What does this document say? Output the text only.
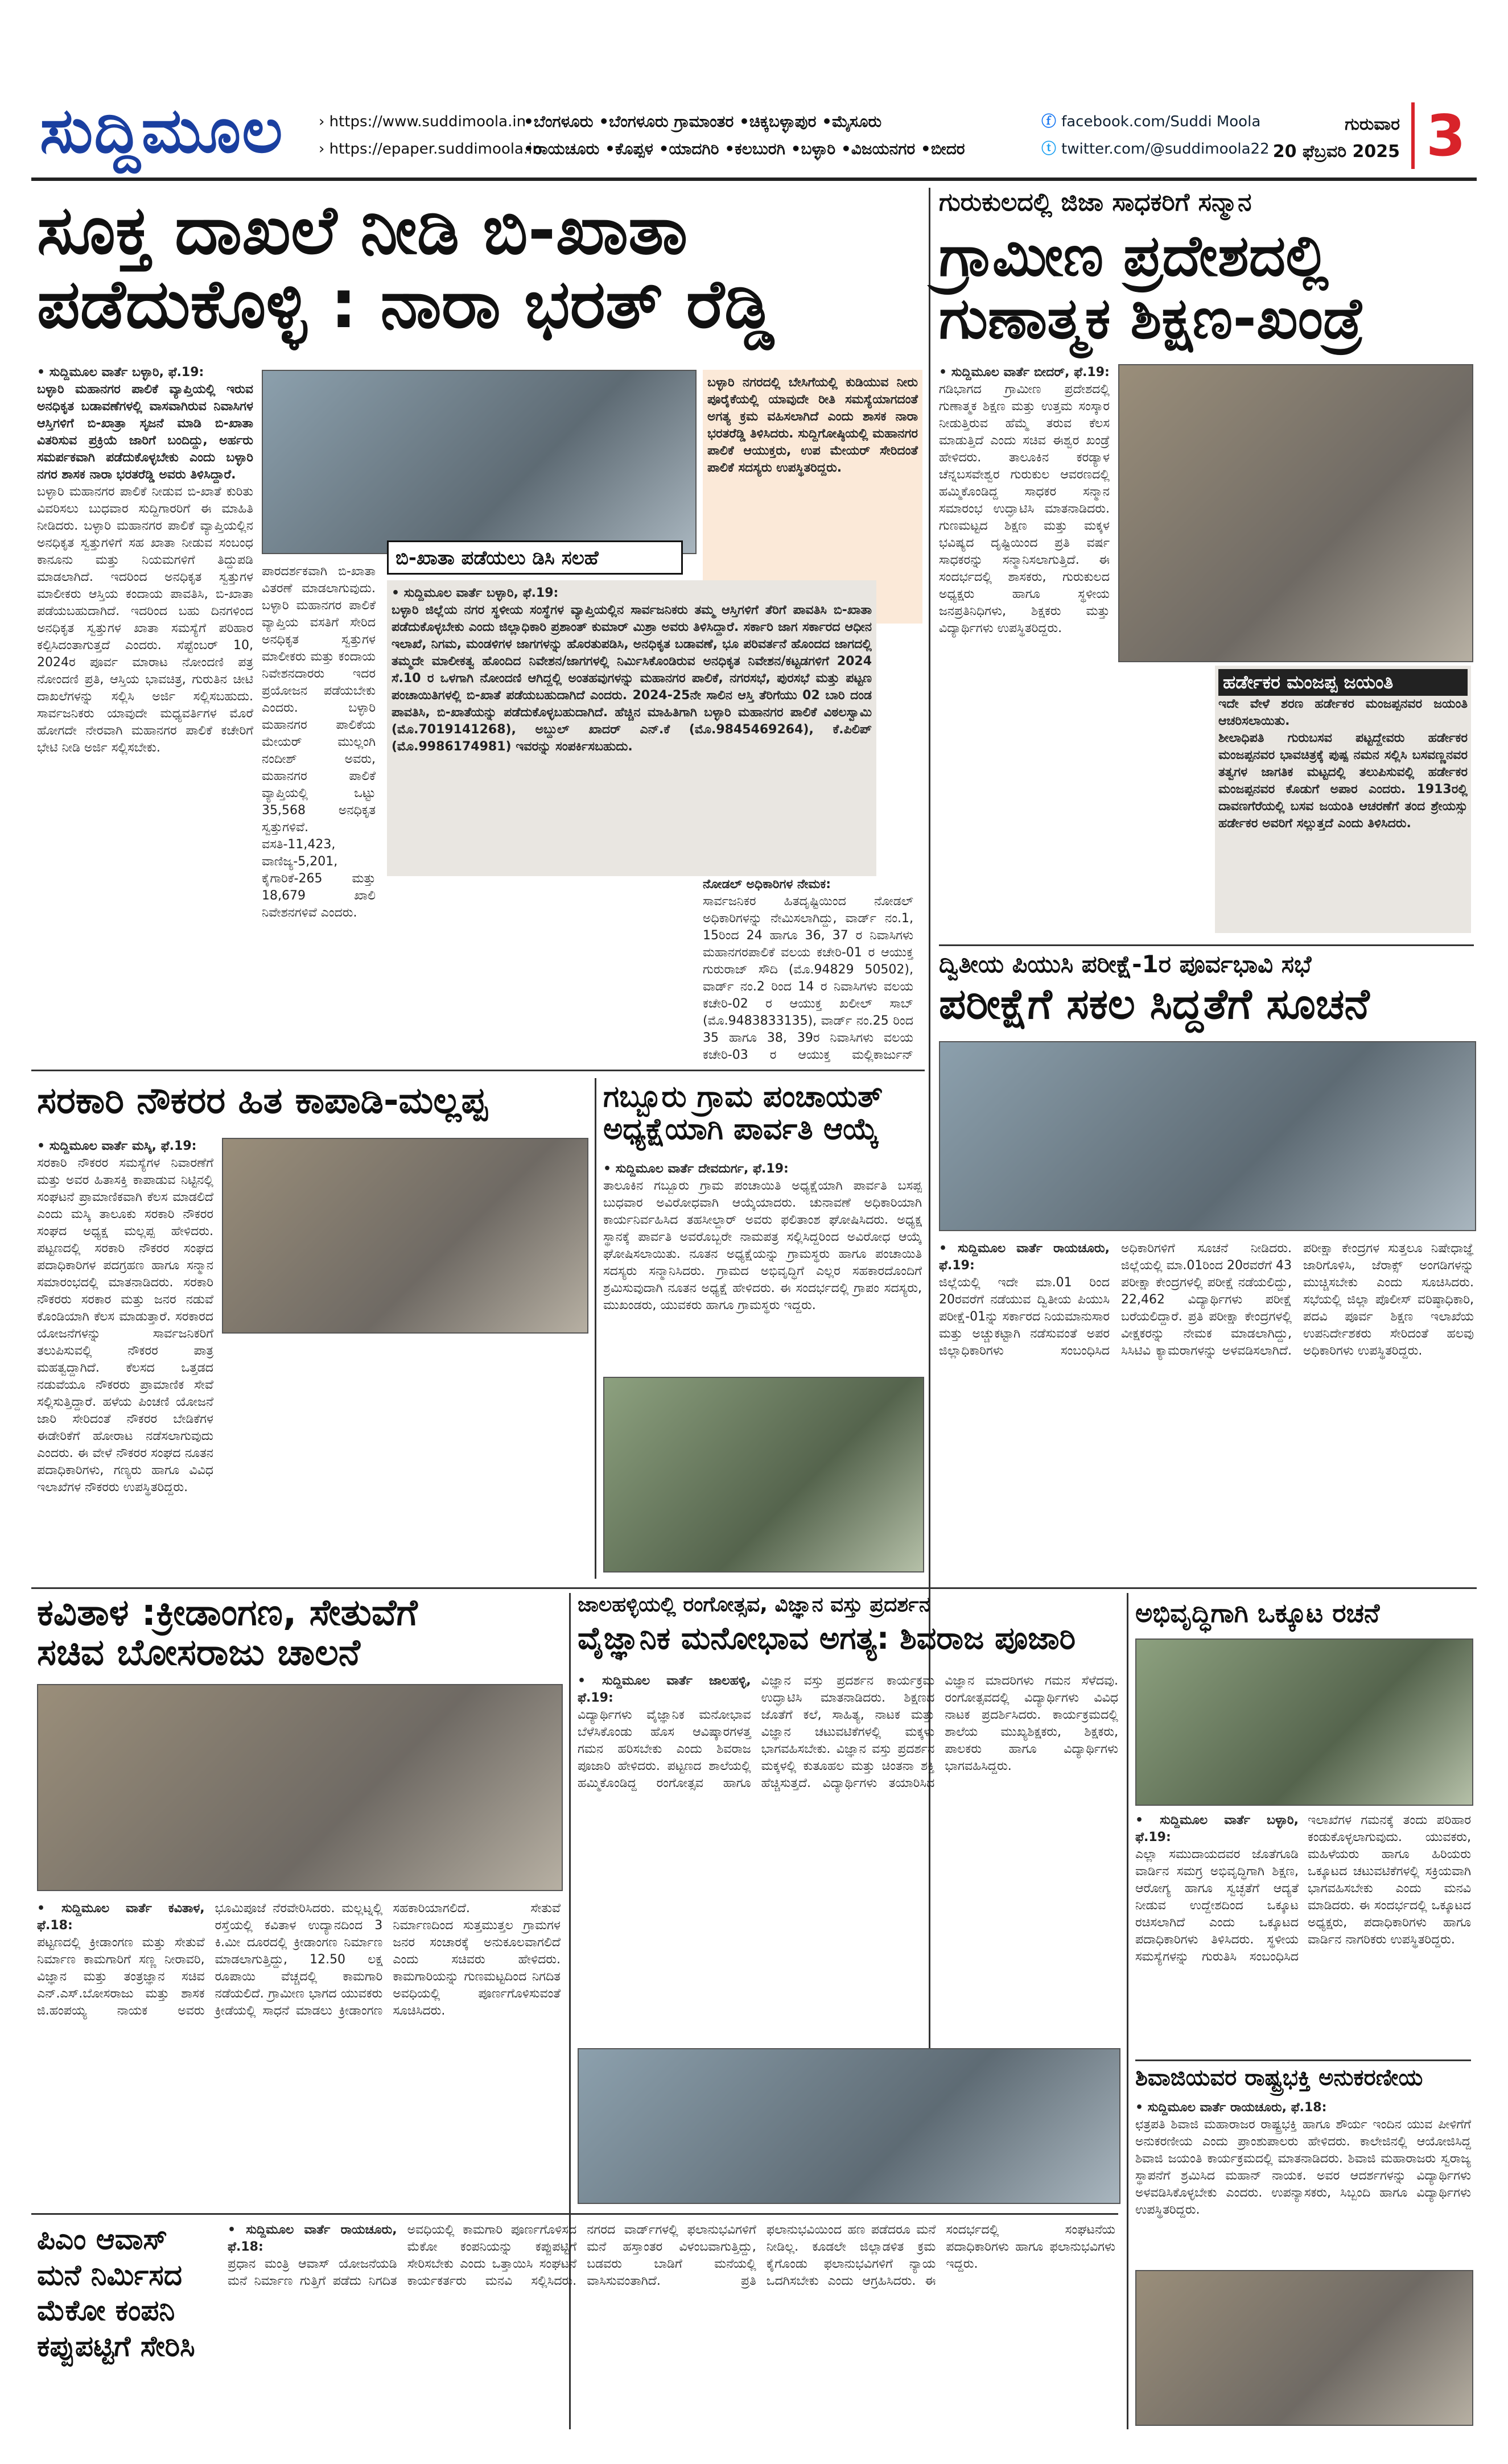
ಸುದ್ದಿಮೂಲ › https://www.suddimoola.in
› https://epaper.suddimoola.in
•ಬೆಂಗಳೂರು •ಬೆಂಗಳೂರು ಗ್ರಾಮಾಂತರ •ಚಿಕ್ಕಬಳ್ಳಾಪುರ •ಮೈಸೂರು
•ರಾಯಚೂರು •ಕೊಪ್ಪಳ •ಯಾದಗಿರಿ •ಕಲಬುರಗಿ •ಬಳ್ಳಾರಿ •ವಿಜಯನಗರ •ಬೀದರ
ⓕ facebook.com/Suddi Moola
ⓣ twitter.com/@suddimoola22
ಗುರುವಾರ
20 ಫೆಬ್ರವರಿ 2025 3
ಸೂಕ್ತ ದಾಖಲೆ ನೀಡಿ ಬಿ-ಖಾತಾ
ಪಡೆದುಕೊಳ್ಳಿ : ನಾರಾ ಭರತ್ ರೆಡ್ಡಿ
• ಸುದ್ದಿಮೂಲ ವಾರ್ತೆ ಬಳ್ಳಾರಿ, ಫೆ.19:
ಬಳ್ಳಾರಿ ಮಹಾನಗರ ಪಾಲಿಕೆ ವ್ಯಾಪ್ತಿಯಲ್ಲಿ ಇರುವ ಅನಧಿಕೃತ ಬಡಾವಣೆಗಳಲ್ಲಿ ವಾಸವಾಗಿರುವ ನಿವಾಸಿಗಳ ಆಸ್ತಿಗಳಿಗೆ ಬಿ-ಖಾತ್ರಾ ಸೃಜನೆ ಮಾಡಿ ಬಿ-ಖಾತಾ ವಿತರಿಸುವ ಪ್ರಕ್ರಿಯೆ ಜಾರಿಗೆ ಬಂದಿದ್ದು, ಅರ್ಹರು ಸಮರ್ಪಕವಾಗಿ ಪಡೆದುಕೊಳ್ಳಬೇಕು ಎಂದು ಬಳ್ಳಾರಿ ನಗರ ಶಾಸಕ ನಾರಾ ಭರತರೆಡ್ಡಿ ಅವರು ತಿಳಿಸಿದ್ದಾರೆ.
ಬಳ್ಳಾರಿ ಮಹಾನಗರ ಪಾಲಿಕೆ ನೀಡುವ ಬಿ-ಖಾತೆ ಕುರಿತು ವಿವರಿಸಲು ಬುಧವಾರ ಸುದ್ದಿಗಾರರಿಗೆ ಈ ಮಾಹಿತಿ ನೀಡಿದರು. ಬಳ್ಳಾರಿ ಮಹಾನಗರ ಪಾಲಿಕೆ ವ್ಯಾಪ್ತಿಯಲ್ಲಿನ ಅನಧಿಕೃತ ಸ್ವತ್ತುಗಳಿಗೆ ಸಹ ಖಾತಾ ನೀಡುವ ಸಂಬಂಧ ಕಾನೂನು ಮತ್ತು ನಿಯಮಗಳಿಗೆ ತಿದ್ದುಪಡಿ ಮಾಡಲಾಗಿದೆ. ಇದರಿಂದ ಅನಧಿಕೃತ ಸ್ವತ್ತುಗಳ ಮಾಲೀಕರು ಆಸ್ತಿಯ ಕಂದಾಯ ಪಾವತಿಸಿ, ಬಿ-ಖಾತಾ ಪಡೆಯಬಹುದಾಗಿದೆ. ಇದರಿಂದ ಬಹು ದಿನಗಳಿಂದ ಅನಧಿಕೃತ ಸ್ವತ್ತುಗಳ ಖಾತಾ ಸಮಸ್ಯೆಗೆ ಪರಿಹಾರ ಕಲ್ಪಿಸಿದಂತಾಗುತ್ತದೆ ಎಂದರು. ಸೆಪ್ಟೆಂಬರ್ 10, 2024ರ ಪೂರ್ವ ಮಾರಾಟ ನೋಂದಣಿ ಪತ್ರ ನೋಂದಣಿ ಪ್ರತಿ, ಆಸ್ತಿಯ ಭಾವಚಿತ್ರ, ಗುರುತಿನ ಚೀಟಿ ದಾಖಲೆಗಳನ್ನು ಸಲ್ಲಿಸಿ ಅರ್ಜಿ ಸಲ್ಲಿಸಬಹುದು. ಸಾರ್ವಜನಿಕರು ಯಾವುದೇ ಮಧ್ಯವರ್ತಿಗಳ ಮೊರೆ ಹೋಗದೇ ನೇರವಾಗಿ ಮಹಾನಗರ ಪಾಲಿಕೆ ಕಚೇರಿಗೆ ಭೇಟಿ ನೀಡಿ ಅರ್ಜಿ ಸಲ್ಲಿಸಬೇಕು.
ಪಾರದರ್ಶಕವಾಗಿ ಬಿ-ಖಾತಾ ವಿತರಣೆ ಮಾಡಲಾಗುವುದು. ಬಳ್ಳಾರಿ ಮಹಾನಗರ ಪಾಲಿಕೆ ವ್ಯಾಪ್ತಿಯ ವಸತಿಗೆ ಸೇರಿದ ಅನಧಿಕೃತ ಸ್ವತ್ತುಗಳ ಮಾಲೀಕರು ಮತ್ತು ಕಂದಾಯ ನಿವೇಶನದಾರರು ಇದರ ಪ್ರಯೋಜನ ಪಡೆಯಬೇಕು ಎಂದರು. ಬಳ್ಳಾರಿ ಮಹಾನಗರ ಪಾಲಿಕೆಯ ಮೇಯರ್ ಮುಲ್ಲಂಗಿ ನಂದೀಶ್ ಅವರು, ಮಹಾನಗರ ಪಾಲಿಕೆ ವ್ಯಾಪ್ತಿಯಲ್ಲಿ ಒಟ್ಟು 35,568 ಅನಧಿಕೃತ ಸ್ವತ್ತುಗಳಿವೆ. ವಸತಿ-11,423, ವಾಣಿಜ್ಯ-5,201, ಕೈಗಾರಿಕೆ-265 ಮತ್ತು 18,679 ಖಾಲಿ ನಿವೇಶನಗಳಿವೆ ಎಂದರು.
ಬಳ್ಳಾರಿ ನಗರದಲ್ಲಿ ಬೇಸಿಗೆಯಲ್ಲಿ ಕುಡಿಯುವ ನೀರು ಪೂರೈಕೆಯಲ್ಲಿ ಯಾವುದೇ ರೀತಿ ಸಮಸ್ಯೆಯಾಗದಂತೆ ಅಗತ್ಯ ಕ್ರಮ ವಹಿಸಲಾಗಿದೆ ಎಂದು ಶಾಸಕ ನಾರಾ ಭರತರೆಡ್ಡಿ ತಿಳಿಸಿದರು. ಸುದ್ದಿಗೋಷ್ಠಿಯಲ್ಲಿ ಮಹಾನಗರ ಪಾಲಿಕೆ ಆಯುಕ್ತರು, ಉಪ ಮೇಯರ್ ಸೇರಿದಂತೆ ಪಾಲಿಕೆ ಸದಸ್ಯರು ಉಪಸ್ಥಿತರಿದ್ದರು.
ಬಿ-ಖಾತಾ ಪಡೆಯಲು ಡಿಸಿ ಸಲಹೆ
• ಸುದ್ದಿಮೂಲ ವಾರ್ತೆ ಬಳ್ಳಾರಿ, ಫೆ.19:
ಬಳ್ಳಾರಿ ಜಿಲ್ಲೆಯ ನಗರ ಸ್ಥಳೀಯ ಸಂಸ್ಥೆಗಳ ವ್ಯಾಪ್ತಿಯಲ್ಲಿನ ಸಾರ್ವಜನಿಕರು ತಮ್ಮ ಆಸ್ತಿಗಳಿಗೆ ತೆರಿಗೆ ಪಾವತಿಸಿ ಬಿ-ಖಾತಾ ಪಡೆದುಕೊಳ್ಳಬೇಕು ಎಂದು ಜಿಲ್ಲಾಧಿಕಾರಿ ಪ್ರಶಾಂತ್ ಕುಮಾರ್ ಮಿಶ್ರಾ ಅವರು ತಿಳಿಸಿದ್ದಾರೆ. ಸರ್ಕಾರಿ ಜಾಗ ಸರ್ಕಾರದ ಆಧೀನ ಇಲಾಖೆ, ನಿಗಮ, ಮಂಡಳಿಗಳ ಜಾಗಗಳನ್ನು ಹೊರತುಪಡಿಸಿ, ಅನಧಿಕೃತ ಬಡಾವಣೆ, ಭೂ ಪರಿವರ್ತನೆ ಹೊಂದದ ಜಾಗದಲ್ಲಿ ತಮ್ಮದೇ ಮಾಲೀಕತ್ವ ಹೊಂದಿದ ನಿವೇಶನ/ಜಾಗಗಳಲ್ಲಿ ನಿರ್ಮಿಸಿಕೊಂಡಿರುವ ಅನಧಿಕೃತ ನಿವೇಶನ/ಕಟ್ಟಡಗಳಿಗೆ 2024 ಸೆ.10 ರ ಒಳಗಾಗಿ ನೋಂದಣಿ ಆಗಿದ್ದಲ್ಲಿ ಅಂತಹವುಗಳನ್ನು ಮಹಾನಗರ ಪಾಲಿಕೆ, ನಗರಸಭೆ, ಪುರಸಭೆ ಮತ್ತು ಪಟ್ಟಣ ಪಂಚಾಯಿತಿಗಳಲ್ಲಿ ಬಿ-ಖಾತೆ ಪಡೆಯಬಹುದಾಗಿದೆ ಎಂದರು. 2024-25ನೇ ಸಾಲಿನ ಆಸ್ತಿ ತೆರಿಗೆಯು 02 ಬಾರಿ ದಂಡ ಪಾವತಿಸಿ, ಬಿ-ಖಾತೆಯನ್ನು ಪಡೆದುಕೊಳ್ಳಬಹುದಾಗಿದೆ. ಹೆಚ್ಚಿನ ಮಾಹಿತಿಗಾಗಿ ಬಳ್ಳಾರಿ ಮಹಾನಗರ ಪಾಲಿಕೆ ವಿಠಲಸ್ವಾಮಿ (ಮೊ.7019141268), ಅಬ್ದುಲ್ ಖಾದರ್ ಎನ್.ಕೆ (ಮೊ.9845469264), ಕೆ.ಪಿಲಿಪ್ (ಮೊ.9986174981) ಇವರನ್ನು ಸಂಪರ್ಕಿಸಬಹುದು.
ನೋಡಲ್ ಅಧಿಕಾರಿಗಳ ನೇಮಕ:
ಸಾರ್ವಜನಿಕರ ಹಿತದೃಷ್ಟಿಯಿಂದ ನೋಡಲ್ ಅಧಿಕಾರಿಗಳನ್ನು ನೇಮಿಸಲಾಗಿದ್ದು, ವಾರ್ಡ್ ನಂ.1, 15ರಿಂದ 24 ಹಾಗೂ 36, 37 ರ ನಿವಾಸಿಗಳು ಮಹಾನಗರಪಾಲಿಕೆ ವಲಯ ಕಚೇರಿ-01 ರ ಆಯುಕ್ತ ಗುರುರಾಜ್ ಸೌದಿ (ಮೊ.94829 50502), ವಾರ್ಡ್ ನಂ.2 ರಿಂದ 14 ರ ನಿವಾಸಿಗಳು ವಲಯ ಕಚೇರಿ-02 ರ ಆಯುಕ್ತ ಖಲೀಲ್ ಸಾಬ್ (ಮೊ.9483833135), ವಾರ್ಡ್ ನಂ.25 ರಿಂದ 35 ಹಾಗೂ 38, 39ರ ನಿವಾಸಿಗಳು ವಲಯ ಕಚೇರಿ-03 ರ ಆಯುಕ್ತ ಮಲ್ಲಿಕಾರ್ಜುನ್
ಗುರುಕುಲದಲ್ಲಿ ಜಿಜಾ ಸಾಧಕರಿಗೆ ಸನ್ಮಾನ
ಗ್ರಾಮೀಣ ಪ್ರದೇಶದಲ್ಲಿ
ಗುಣಾತ್ಮಕ ಶಿಕ್ಷಣ-ಖಂಡ್ರೆ
• ಸುದ್ದಿಮೂಲ ವಾರ್ತೆ ಬೀದರ್, ಫೆ.19:
ಗಡಿಭಾಗದ ಗ್ರಾಮೀಣ ಪ್ರದೇಶದಲ್ಲಿ ಗುಣಾತ್ಮಕ ಶಿಕ್ಷಣ ಮತ್ತು ಉತ್ತಮ ಸಂಸ್ಕಾರ ನೀಡುತ್ತಿರುವ ಹೆಮ್ಮೆ ತರುವ ಕೆಲಸ ಮಾಡುತ್ತಿದೆ ಎಂದು ಸಚಿವ ಈಶ್ವರ ಖಂಡ್ರೆ ಹೇಳಿದರು. ತಾಲೂಕಿನ ಕರಡ್ಯಾಳ ಚೆನ್ನಬಸವೇಶ್ವರ ಗುರುಕುಲ ಆವರಣದಲ್ಲಿ ಹಮ್ಮಿಕೊಂಡಿದ್ದ ಸಾಧಕರ ಸನ್ಮಾನ ಸಮಾರಂಭ ಉದ್ಘಾಟಿಸಿ ಮಾತನಾಡಿದರು. ಗುಣಮಟ್ಟದ ಶಿಕ್ಷಣ ಮತ್ತು ಮಕ್ಕಳ ಭವಿಷ್ಯದ ದೃಷ್ಟಿಯಿಂದ ಪ್ರತಿ ವರ್ಷ ಸಾಧಕರನ್ನು ಸನ್ಮಾನಿಸಲಾಗುತ್ತಿದೆ. ಈ ಸಂದರ್ಭದಲ್ಲಿ ಶಾಸಕರು, ಗುರುಕುಲದ ಅಧ್ಯಕ್ಷರು ಹಾಗೂ ಸ್ಥಳೀಯ ಜನಪ್ರತಿನಿಧಿಗಳು, ಶಿಕ್ಷಕರು ಮತ್ತು ವಿದ್ಯಾರ್ಥಿಗಳು ಉಪಸ್ಥಿತರಿದ್ದರು.
ಹರ್ಡೇಕರ ಮಂಜಪ್ಪ ಜಯಂತಿ
ಇದೇ ವೇಳೆ ಶರಣ ಹರ್ಡೇಕರ ಮಂಜಪ್ಪನವರ ಜಯಂತಿ ಆಚರಿಸಲಾಯಿತು.
ಶೀಲಾಧಿಪತಿ ಗುರುಬಸವ ಪಟ್ಟದ್ದೇವರು ಹರ್ಡೇಕರ ಮಂಜಪ್ಪನವರ ಭಾವಚಿತ್ರಕ್ಕೆ ಪುಷ್ಪ ನಮನ ಸಲ್ಲಿಸಿ ಬಸವಣ್ಣನವರ ತತ್ವಗಳ ಜಾಗತಿಕ ಮಟ್ಟದಲ್ಲಿ ತಲುಪಿಸುವಲ್ಲಿ ಹರ್ಡೇಕರ ಮಂಜಪ್ಪನವರ ಕೊಡುಗೆ ಅಪಾರ ಎಂದರು. 1913ರಲ್ಲಿ ದಾವಣಗೆರೆಯಲ್ಲಿ ಬಸವ ಜಯಂತಿ ಆಚರಣೆಗೆ ತಂದ ಶ್ರೇಯಸ್ಸು ಹರ್ಡೇಕರ ಅವರಿಗೆ ಸಲ್ಲುತ್ತದೆ ಎಂದು ತಿಳಿಸಿದರು.
ದ್ವಿತೀಯ ಪಿಯುಸಿ ಪರೀಕ್ಷೆ-1ರ ಪೂರ್ವಭಾವಿ ಸಭೆ
ಪರೀಕ್ಷೆಗೆ ಸಕಲ ಸಿದ್ದತೆಗೆ ಸೂಚನೆ
• ಸುದ್ದಿಮೂಲ ವಾರ್ತೆ ರಾಯಚೂರು, ಫೆ.19:
ಜಿಲ್ಲೆಯಲ್ಲಿ ಇದೇ ಮಾ.01 ರಿಂದ 20ರವರೆಗೆ ನಡೆಯುವ ದ್ವಿತೀಯ ಪಿಯುಸಿ ಪರೀಕ್ಷೆ-01ನ್ನು ಸರ್ಕಾರದ ನಿಯಮಾನುಸಾರ ಮತ್ತು ಅಚ್ಚುಕಟ್ಟಾಗಿ ನಡೆಸುವಂತೆ ಅಪರ ಜಿಲ್ಲಾಧಿಕಾರಿಗಳು ಸಂಬಂಧಿಸಿದ ಅಧಿಕಾರಿಗಳಿಗೆ ಸೂಚನೆ ನೀಡಿದರು. ಜಿಲ್ಲೆಯಲ್ಲಿ ಮಾ.01ರಿಂದ 20ರವರೆಗೆ 43 ಪರೀಕ್ಷಾ ಕೇಂದ್ರಗಳಲ್ಲಿ ಪರೀಕ್ಷೆ ನಡೆಯಲಿದ್ದು, 22,462 ವಿದ್ಯಾರ್ಥಿಗಳು ಪರೀಕ್ಷೆ ಬರೆಯಲಿದ್ದಾರೆ. ಪ್ರತಿ ಪರೀಕ್ಷಾ ಕೇಂದ್ರಗಳಲ್ಲಿ ವೀಕ್ಷಕರನ್ನು ನೇಮಕ ಮಾಡಲಾಗಿದ್ದು, ಸಿಸಿಟಿವಿ ಕ್ಯಾಮರಾಗಳನ್ನು ಅಳವಡಿಸಲಾಗಿದೆ. ಪರೀಕ್ಷಾ ಕೇಂದ್ರಗಳ ಸುತ್ತಲೂ ನಿಷೇಧಾಜ್ಞೆ ಜಾರಿಗೊಳಿಸಿ, ಜೆರಾಕ್ಸ್ ಅಂಗಡಿಗಳನ್ನು ಮುಚ್ಚಿಸಬೇಕು ಎಂದು ಸೂಚಿಸಿದರು. ಸಭೆಯಲ್ಲಿ ಜಿಲ್ಲಾ ಪೊಲೀಸ್ ವರಿಷ್ಠಾಧಿಕಾರಿ, ಪದವಿ ಪೂರ್ವ ಶಿಕ್ಷಣ ಇಲಾಖೆಯ ಉಪನಿರ್ದೇಶಕರು ಸೇರಿದಂತೆ ಹಲವು ಅಧಿಕಾರಿಗಳು ಉಪಸ್ಥಿತರಿದ್ದರು.
ಸರಕಾರಿ ನೌಕರರ ಹಿತ ಕಾಪಾಡಿ-ಮಲ್ಲಪ್ಪ
• ಸುದ್ದಿಮೂಲ ವಾರ್ತೆ ಮಸ್ಕಿ, ಫೆ.19:
ಸರಕಾರಿ ನೌಕರರ ಸಮಸ್ಯೆಗಳ ನಿವಾರಣೆಗೆ ಮತ್ತು ಅವರ ಹಿತಾಸಕ್ತಿ ಕಾಪಾಡುವ ನಿಟ್ಟಿನಲ್ಲಿ ಸಂಘಟನೆ ಪ್ರಾಮಾಣಿಕವಾಗಿ ಕೆಲಸ ಮಾಡಲಿದೆ ಎಂದು ಮಸ್ಕಿ ತಾಲೂಕು ಸರಕಾರಿ ನೌಕರರ ಸಂಘದ ಅಧ್ಯಕ್ಷ ಮಲ್ಲಪ್ಪ ಹೇಳಿದರು. ಪಟ್ಟಣದಲ್ಲಿ ಸರಕಾರಿ ನೌಕರರ ಸಂಘದ ಪದಾಧಿಕಾರಿಗಳ ಪದಗ್ರಹಣ ಹಾಗೂ ಸನ್ಮಾನ ಸಮಾರಂಭದಲ್ಲಿ ಮಾತನಾಡಿದರು. ಸರಕಾರಿ ನೌಕರರು ಸರಕಾರ ಮತ್ತು ಜನರ ನಡುವೆ ಕೊಂಡಿಯಾಗಿ ಕೆಲಸ ಮಾಡುತ್ತಾರೆ. ಸರಕಾರದ ಯೋಜನೆಗಳನ್ನು ಸಾರ್ವಜನಿಕರಿಗೆ ತಲುಪಿಸುವಲ್ಲಿ ನೌಕರರ ಪಾತ್ರ ಮಹತ್ವದ್ದಾಗಿದೆ. ಕೆಲಸದ ಒತ್ತಡದ ನಡುವೆಯೂ ನೌಕರರು ಪ್ರಾಮಾಣಿಕ ಸೇವೆ ಸಲ್ಲಿಸುತ್ತಿದ್ದಾರೆ. ಹಳೆಯ ಪಿಂಚಣಿ ಯೋಜನೆ ಜಾರಿ ಸೇರಿದಂತೆ ನೌಕರರ ಬೇಡಿಕೆಗಳ ಈಡೇರಿಕೆಗೆ ಹೋರಾಟ ನಡೆಸಲಾಗುವುದು ಎಂದರು. ಈ ವೇಳೆ ನೌಕರರ ಸಂಘದ ನೂತನ ಪದಾಧಿಕಾರಿಗಳು, ಗಣ್ಯರು ಹಾಗೂ ವಿವಿಧ ಇಲಾಖೆಗಳ ನೌಕರರು ಉಪಸ್ಥಿತರಿದ್ದರು.
ಗಬ್ಬೂರು ಗ್ರಾಮ ಪಂಚಾಯತ್
ಅಧ್ಯಕ್ಷೆಯಾಗಿ ಪಾರ್ವತಿ ಆಯ್ಕೆ
• ಸುದ್ದಿಮೂಲ ವಾರ್ತೆ ದೇವದುರ್ಗ, ಫೆ.19:
ತಾಲೂಕಿನ ಗಬ್ಬೂರು ಗ್ರಾಮ ಪಂಚಾಯಿತಿ ಅಧ್ಯಕ್ಷೆಯಾಗಿ ಪಾರ್ವತಿ ಬಸಪ್ಪ ಬುಧವಾರ ಅವಿರೋಧವಾಗಿ ಆಯ್ಕೆಯಾದರು. ಚುನಾವಣೆ ಅಧಿಕಾರಿಯಾಗಿ ಕಾರ್ಯನಿರ್ವಹಿಸಿದ ತಹಸೀಲ್ದಾರ್ ಅವರು ಫಲಿತಾಂಶ ಘೋಷಿಸಿದರು. ಅಧ್ಯಕ್ಷ ಸ್ಥಾನಕ್ಕೆ ಪಾರ್ವತಿ ಅವರೊಬ್ಬರೇ ನಾಮಪತ್ರ ಸಲ್ಲಿಸಿದ್ದರಿಂದ ಅವಿರೋಧ ಆಯ್ಕೆ ಘೋಷಿಸಲಾಯಿತು. ನೂತನ ಅಧ್ಯಕ್ಷೆಯನ್ನು ಗ್ರಾಮಸ್ಥರು ಹಾಗೂ ಪಂಚಾಯಿತಿ ಸದಸ್ಯರು ಸನ್ಮಾನಿಸಿದರು. ಗ್ರಾಮದ ಅಭಿವೃದ್ಧಿಗೆ ಎಲ್ಲರ ಸಹಕಾರದೊಂದಿಗೆ ಶ್ರಮಿಸುವುದಾಗಿ ನೂತನ ಅಧ್ಯಕ್ಷೆ ಹೇಳಿದರು. ಈ ಸಂದರ್ಭದಲ್ಲಿ ಗ್ರಾಪಂ ಸದಸ್ಯರು, ಮುಖಂಡರು, ಯುವಕರು ಹಾಗೂ ಗ್ರಾಮಸ್ಥರು ಇದ್ದರು.
ಕವಿತಾಳ :ಕ್ರೀಡಾಂಗಣ, ಸೇತುವೆಗೆ
ಸಚಿವ ಬೋಸರಾಜು ಚಾಲನೆ
• ಸುದ್ದಿಮೂಲ ವಾರ್ತೆ ಕವಿತಾಳ, ಫೆ.18:
ಪಟ್ಟಣದಲ್ಲಿ ಕ್ರೀಡಾಂಗಣ ಮತ್ತು ಸೇತುವೆ ನಿರ್ಮಾಣ ಕಾಮಗಾರಿಗೆ ಸಣ್ಣ ನೀರಾವರಿ, ವಿಜ್ಞಾನ ಮತ್ತು ತಂತ್ರಜ್ಞಾನ ಸಚಿವ ಎನ್.ಎಸ್.ಬೋಸರಾಜು ಮತ್ತು ಶಾಸಕ ಜಿ.ಹಂಪಯ್ಯ ನಾಯಕ ಅವರು ಭೂಮಿಪೂಜೆ ನೆರವೇರಿಸಿದರು. ಮಲ್ಲಟ್ನಲ್ಲಿ ರಸ್ತೆಯಲ್ಲಿ ಕವಿತಾಳ ಉದ್ಯಾನದಿಂದ 3 ಕಿ.ಮೀ ದೂರದಲ್ಲಿ ಕ್ರೀಡಾಂಗಣ ನಿರ್ಮಾಣ ಮಾಡಲಾಗುತ್ತಿದ್ದು, 12.50 ಲಕ್ಷ ರೂಪಾಯಿ ವೆಚ್ಚದಲ್ಲಿ ಕಾಮಗಾರಿ ನಡೆಯಲಿದೆ. ಗ್ರಾಮೀಣ ಭಾಗದ ಯುವಕರು ಕ್ರೀಡೆಯಲ್ಲಿ ಸಾಧನೆ ಮಾಡಲು ಕ್ರೀಡಾಂಗಣ ಸಹಕಾರಿಯಾಗಲಿದೆ. ಸೇತುವೆ ನಿರ್ಮಾಣದಿಂದ ಸುತ್ತಮುತ್ತಲ ಗ್ರಾಮಗಳ ಜನರ ಸಂಚಾರಕ್ಕೆ ಅನುಕೂಲವಾಗಲಿದೆ ಎಂದು ಸಚಿವರು ಹೇಳಿದರು. ಕಾಮಗಾರಿಯನ್ನು ಗುಣಮಟ್ಟದಿಂದ ನಿಗದಿತ ಅವಧಿಯಲ್ಲಿ ಪೂರ್ಣಗೊಳಿಸುವಂತೆ ಸೂಚಿಸಿದರು.
ಜಾಲಹಳ್ಳಿಯಲ್ಲಿ ರಂಗೋತ್ಸವ, ವಿಜ್ಞಾನ ವಸ್ತು ಪ್ರದರ್ಶನ
ವೈಜ್ಞಾನಿಕ ಮನೋಭಾವ ಅಗತ್ಯ: ಶಿವರಾಜ ಪೂಜಾರಿ
• ಸುದ್ದಿಮೂಲ ವಾರ್ತೆ ಜಾಲಹಳ್ಳಿ, ಫೆ.19:
ವಿದ್ಯಾರ್ಥಿಗಳು ವೈಜ್ಞಾನಿಕ ಮನೋಭಾವ ಬೆಳೆಸಿಕೊಂಡು ಹೊಸ ಆವಿಷ್ಕಾರಗಳತ್ತ ಗಮನ ಹರಿಸಬೇಕು ಎಂದು ಶಿವರಾಜ ಪೂಜಾರಿ ಹೇಳಿದರು. ಪಟ್ಟಣದ ಶಾಲೆಯಲ್ಲಿ ಹಮ್ಮಿಕೊಂಡಿದ್ದ ರಂಗೋತ್ಸವ ಹಾಗೂ ವಿಜ್ಞಾನ ವಸ್ತು ಪ್ರದರ್ಶನ ಕಾರ್ಯಕ್ರಮ ಉದ್ಘಾಟಿಸಿ ಮಾತನಾಡಿದರು. ಶಿಕ್ಷಣದ ಜೊತೆಗೆ ಕಲೆ, ಸಾಹಿತ್ಯ, ನಾಟಕ ಮತ್ತು ವಿಜ್ಞಾನ ಚಟುವಟಿಕೆಗಳಲ್ಲಿ ಮಕ್ಕಳು ಭಾಗವಹಿಸಬೇಕು. ವಿಜ್ಞಾನ ವಸ್ತು ಪ್ರದರ್ಶನ ಮಕ್ಕಳಲ್ಲಿ ಕುತೂಹಲ ಮತ್ತು ಚಿಂತನಾ ಶಕ್ತಿ ಹೆಚ್ಚಿಸುತ್ತದೆ. ವಿದ್ಯಾರ್ಥಿಗಳು ತಯಾರಿಸಿದ ವಿಜ್ಞಾನ ಮಾದರಿಗಳು ಗಮನ ಸೆಳೆದವು. ರಂಗೋತ್ಸವದಲ್ಲಿ ವಿದ್ಯಾರ್ಥಿಗಳು ವಿವಿಧ ನಾಟಕ ಪ್ರದರ್ಶಿಸಿದರು. ಕಾರ್ಯಕ್ರಮದಲ್ಲಿ ಶಾಲೆಯ ಮುಖ್ಯಶಿಕ್ಷಕರು, ಶಿಕ್ಷಕರು, ಪಾಲಕರು ಹಾಗೂ ವಿದ್ಯಾರ್ಥಿಗಳು ಭಾಗವಹಿಸಿದ್ದರು.
ಅಭಿವೃದ್ಧಿಗಾಗಿ ಒಕ್ಕೂಟ ರಚನೆ
• ಸುದ್ದಿಮೂಲ ವಾರ್ತೆ ಬಳ್ಳಾರಿ, ಫೆ.19:
ಎಲ್ಲಾ ಸಮುದಾಯದವರ ಜೊತೆಗೂಡಿ ವಾರ್ಡಿನ ಸಮಗ್ರ ಅಭಿವೃದ್ಧಿಗಾಗಿ ಶಿಕ್ಷಣ, ಆರೋಗ್ಯ ಹಾಗೂ ಸ್ವಚ್ಛತೆಗೆ ಆದ್ಯತೆ ನೀಡುವ ಉದ್ದೇಶದಿಂದ ಒಕ್ಕೂಟ ರಚಿಸಲಾಗಿದೆ ಎಂದು ಒಕ್ಕೂಟದ ಪದಾಧಿಕಾರಿಗಳು ತಿಳಿಸಿದರು. ಸ್ಥಳೀಯ ಸಮಸ್ಯೆಗಳನ್ನು ಗುರುತಿಸಿ ಸಂಬಂಧಿಸಿದ ಇಲಾಖೆಗಳ ಗಮನಕ್ಕೆ ತಂದು ಪರಿಹಾರ ಕಂಡುಕೊಳ್ಳಲಾಗುವುದು. ಯುವಕರು, ಮಹಿಳೆಯರು ಹಾಗೂ ಹಿರಿಯರು ಒಕ್ಕೂಟದ ಚಟುವಟಿಕೆಗಳಲ್ಲಿ ಸಕ್ರಿಯವಾಗಿ ಭಾಗವಹಿಸಬೇಕು ಎಂದು ಮನವಿ ಮಾಡಿದರು. ಈ ಸಂದರ್ಭದಲ್ಲಿ ಒಕ್ಕೂಟದ ಅಧ್ಯಕ್ಷರು, ಪದಾಧಿಕಾರಿಗಳು ಹಾಗೂ ವಾರ್ಡಿನ ನಾಗರಿಕರು ಉಪಸ್ಥಿತರಿದ್ದರು.
ಶಿವಾಜಿಯವರ ರಾಷ್ಟ್ರಭಕ್ತಿ ಅನುಕರಣೀಯ
• ಸುದ್ದಿಮೂಲ ವಾರ್ತೆ ರಾಯಚೂರು, ಫೆ.18:
ಛತ್ರಪತಿ ಶಿವಾಜಿ ಮಹಾರಾಜರ ರಾಷ್ಟ್ರಭಕ್ತಿ ಹಾಗೂ ಶೌರ್ಯ ಇಂದಿನ ಯುವ ಪೀಳಿಗೆಗೆ ಅನುಕರಣೀಯ ಎಂದು ಪ್ರಾಂಶುಪಾಲರು ಹೇಳಿದರು. ಕಾಲೇಜಿನಲ್ಲಿ ಆಯೋಜಿಸಿದ್ದ ಶಿವಾಜಿ ಜಯಂತಿ ಕಾರ್ಯಕ್ರಮದಲ್ಲಿ ಮಾತನಾಡಿದರು. ಶಿವಾಜಿ ಮಹಾರಾಜರು ಸ್ವರಾಜ್ಯ ಸ್ಥಾಪನೆಗೆ ಶ್ರಮಿಸಿದ ಮಹಾನ್ ನಾಯಕ. ಅವರ ಆದರ್ಶಗಳನ್ನು ವಿದ್ಯಾರ್ಥಿಗಳು ಅಳವಡಿಸಿಕೊಳ್ಳಬೇಕು ಎಂದರು. ಉಪನ್ಯಾಸಕರು, ಸಿಬ್ಬಂದಿ ಹಾಗೂ ವಿದ್ಯಾರ್ಥಿಗಳು ಉಪಸ್ಥಿತರಿದ್ದರು.
ಪಿಎಂ ಆವಾಸ್ ಮನೆ ನಿರ್ಮಿಸದ ಮೆಕೋ ಕಂಪನಿ ಕಪ್ಪುಪಟ್ಟಿಗೆ ಸೇರಿಸಿ
• ಸುದ್ದಿಮೂಲ ವಾರ್ತೆ ರಾಯಚೂರು, ಫೆ.18:
ಪ್ರಧಾನ ಮಂತ್ರಿ ಆವಾಸ್ ಯೋಜನೆಯಡಿ ಮನೆ ನಿರ್ಮಾಣ ಗುತ್ತಿಗೆ ಪಡೆದು ನಿಗದಿತ ಅವಧಿಯಲ್ಲಿ ಕಾಮಗಾರಿ ಪೂರ್ಣಗೊಳಿಸದ ಮೆಕೋ ಕಂಪನಿಯನ್ನು ಕಪ್ಪುಪಟ್ಟಿಗೆ ಸೇರಿಸಬೇಕು ಎಂದು ಒತ್ತಾಯಿಸಿ ಸಂಘಟನೆ ಕಾರ್ಯಕರ್ತರು ಮನವಿ ಸಲ್ಲಿಸಿದರು. ನಗರದ ವಾರ್ಡ್‌ಗಳಲ್ಲಿ ಫಲಾನುಭವಿಗಳಿಗೆ ಮನೆ ಹಸ್ತಾಂತರ ವಿಳಂಬವಾಗುತ್ತಿದ್ದು, ಬಡವರು ಬಾಡಿಗೆ ಮನೆಯಲ್ಲಿ ವಾಸಿಸುವಂತಾಗಿದೆ. ಪ್ರತಿ ಫಲಾನುಭವಿಯಿಂದ ಹಣ ಪಡೆದರೂ ಮನೆ ನೀಡಿಲ್ಲ. ಕೂಡಲೇ ಜಿಲ್ಲಾಡಳಿತ ಕ್ರಮ ಕೈಗೊಂಡು ಫಲಾನುಭವಿಗಳಿಗೆ ನ್ಯಾಯ ಒದಗಿಸಬೇಕು ಎಂದು ಆಗ್ರಹಿಸಿದರು. ಈ ಸಂದರ್ಭದಲ್ಲಿ ಸಂಘಟನೆಯ ಪದಾಧಿಕಾರಿಗಳು ಹಾಗೂ ಫಲಾನುಭವಿಗಳು ಇದ್ದರು.
